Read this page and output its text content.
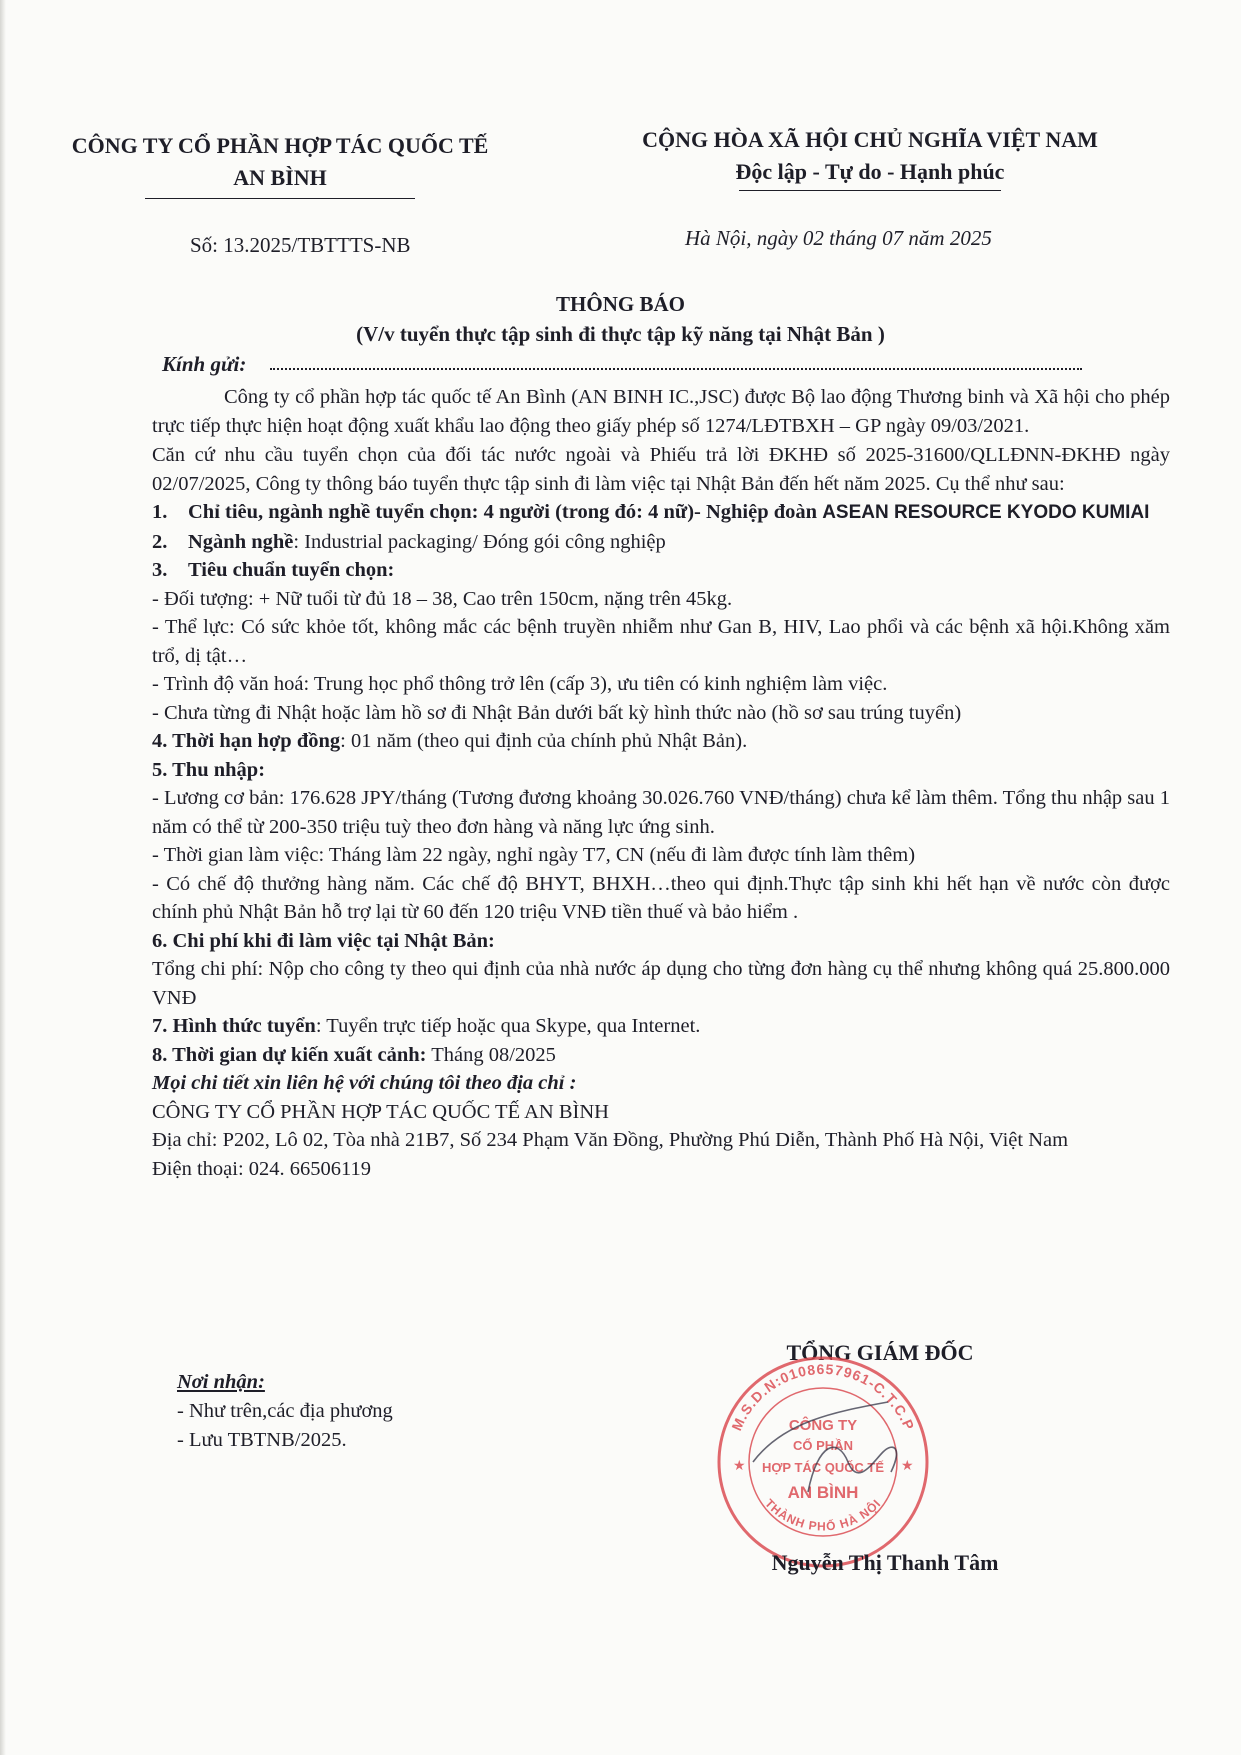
CÔNG TY CỔ PHẦN HỢP TÁC QUỐC TẾ
AN BÌNH
CỘNG HÒA XÃ HỘI CHỦ NGHĨA VIỆT NAM
Độc lập - Tự do - Hạnh phúc
Số: 13.2025/TBTTTS-NB	Hà Nội, ngày 02 tháng 07 năm 2025
THÔNG BÁO
(V/v tuyển thực tập sinh đi thực tập kỹ năng tại Nhật Bản )
Kính gửi:

Công ty cổ phần hợp tác quốc tế An Bình (AN BINH IC.,JSC) được Bộ lao động Thương binh và Xã hội cho phép trực tiếp thực hiện hoạt động xuất khẩu lao động theo giấy phép số 1274/LĐTBXH – GP ngày 09/03/2021.

Căn cứ nhu cầu tuyển chọn của đối tác nước ngoài và Phiếu trả lời ĐKHĐ số 2025-31600/QLLĐNN-ĐKHĐ ngày 02/07/2025, Công ty thông báo tuyển thực tập sinh đi làm việc tại Nhật Bản đến hết năm 2025. Cụ thể như sau:

1. Chỉ tiêu, ngành nghề tuyển chọn: 4 người (trong đó: 4 nữ)- Nghiệp đoàn ASEAN RESOURCE KYODO KUMIAI

2. Ngành nghề: Industrial packaging/ Đóng gói công nghiệp

3. Tiêu chuẩn tuyển chọn:

- Đối tượng: + Nữ tuổi từ đủ 18 – 38, Cao trên 150cm, nặng trên 45kg.

- Thể lực: Có sức khỏe tốt, không mắc các bệnh truyền nhiễm như Gan B, HIV, Lao phổi và các bệnh xã hội.Không xăm trổ, dị tật…

- Trình độ văn hoá: Trung học phổ thông trở lên (cấp 3), ưu tiên có kinh nghiệm làm việc.

- Chưa từng đi Nhật hoặc làm hồ sơ đi Nhật Bản dưới bất kỳ hình thức nào (hồ sơ sau trúng tuyển)

4. Thời hạn hợp đồng: 01 năm (theo qui định của chính phủ Nhật Bản).

5. Thu nhập:

- Lương cơ bản: 176.628 JPY/tháng (Tương đương khoảng 30.026.760 VNĐ/tháng) chưa kể làm thêm. Tổng thu nhập sau 1 năm có thể từ 200-350 triệu tuỳ theo đơn hàng và năng lực ứng sinh.

- Thời gian làm việc: Tháng làm 22 ngày, nghỉ ngày T7, CN (nếu đi làm được tính làm thêm)

- Có chế độ thưởng hàng năm. Các chế độ BHYT, BHXH…theo qui định.Thực tập sinh khi hết hạn về nước còn được chính phủ Nhật Bản hỗ trợ lại từ 60 đến 120 triệu VNĐ tiền thuế và bảo hiểm .

6. Chi phí khi đi làm việc tại Nhật Bản:

Tổng chi phí: Nộp cho công ty theo qui định của nhà nước áp dụng cho từng đơn hàng cụ thể nhưng không quá 25.800.000 VNĐ

7. Hình thức tuyển: Tuyển trực tiếp hoặc qua Skype, qua Internet.

8. Thời gian dự kiến xuất cảnh: Tháng 08/2025

Mọi chi tiết xin liên hệ với chúng tôi theo địa chỉ :

CÔNG TY CỔ PHẦN HỢP TÁC QUỐC TẾ AN BÌNH

Địa chỉ: P202, Lô 02, Tòa nhà 21B7, Số 234 Phạm Văn Đồng, Phường Phú Diễn, Thành Phố Hà Nội, Việt Nam

Điện thoại: 024. 66506119

Nơi nhận:
- Như trên,các địa phương
- Lưu TBTNB/2025.
TỔNG GIÁM ĐỐC
M.S.D.N:0108657961-C.T.C.P
THÀNH PHỐ HÀ NỘI
CÔNG TY
CỔ PHẦN
HỢP TÁC QUỐC TẾ
AN BÌNH
★	★
Nguyễn Thị Thanh Tâm
